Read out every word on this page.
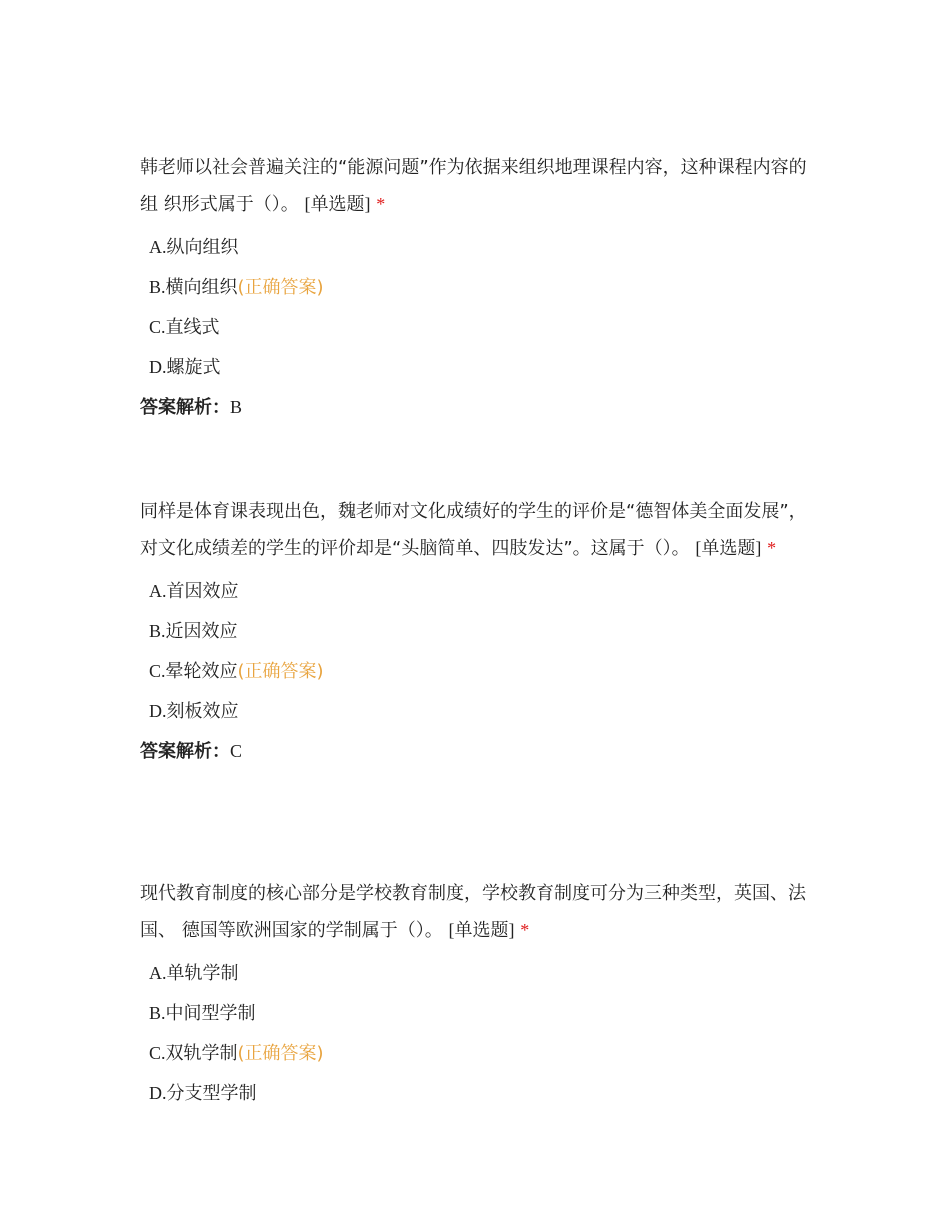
韩老师以社会普遍关注的“能源问题”作为依据来组织地理课程内容，这种课程内容的组 织形式属于（）。 [单选题] *

A.纵向组织
B.横向组织(正确答案)
C.直线式
D.螺旋式
答案解析：B

同样是体育课表现出色，魏老师对文化成绩好的学生的评价是“德智体美全面发展”，对文化成绩差的学生的评价却是“头脑简单、四肢发达”。这属于（）。 [单选题] *

A.首因效应
B.近因效应
C.晕轮效应(正确答案)
D.刻板效应
答案解析：C

现代教育制度的核心部分是学校教育制度，学校教育制度可分为三种类型，英国、法国、 德国等欧洲国家的学制属于（）。 [单选题] *

A.单轨学制
B.中间型学制
C.双轨学制(正确答案)
D.分支型学制
